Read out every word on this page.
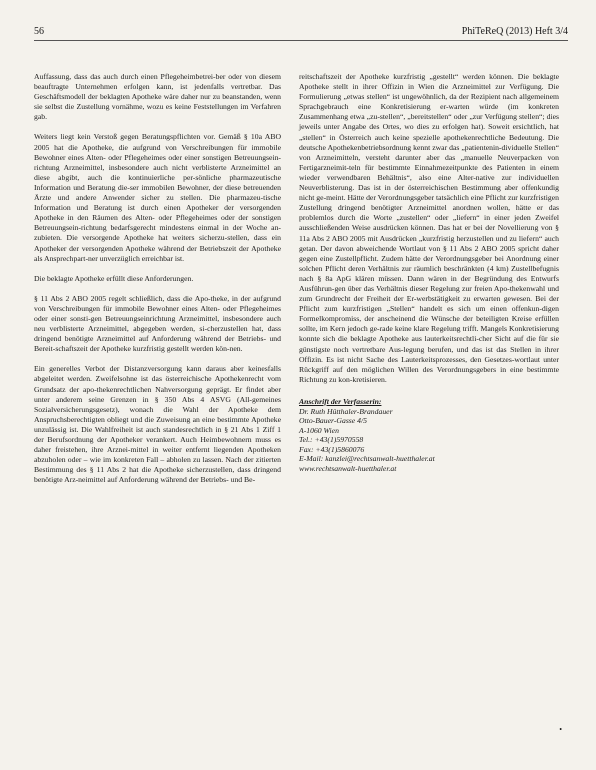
56	PhiTeReQ (2013) Heft 3/4

Auffassung, dass das auch durch einen Pflegeheimbetrei-ber oder von diesem beauftragte Unternehmen erfolgen kann, ist jedenfalls vertretbar. Das Geschäftsmodell der beklagten Apotheke wäre daher nur zu beanstanden, wenn sie selbst die Zustellung vornähme, wozu es keine Feststellungen im Verfahren gab.

Weiters liegt kein Verstoß gegen Beratungspflichten vor. Gemäß § 10a ABO 2005 hat die Apotheke, die aufgrund von Verschreibungen für immobile Bewohner eines Alten- oder Pflegeheimes oder einer sonstigen Betreuungsein-richtung Arzneimittel, insbesondere auch nicht verblisterte Arzneimittel an diese abgibt, auch die kontinuierliche per-sönliche pharmazeutische Information und Beratung die-ser immobilen Bewohner, der diese betreuenden Ärzte und andere Anwender sicher zu stellen. Die pharmazeu-tische Information und Beratung ist durch einen Apotheker der versorgenden Apotheke in den Räumen des Alten- oder Pflegeheimes oder der sonstigen Betreuungsein-richtung bedarfsgerecht mindestens einmal in der Woche an-zubieten. Die versorgende Apotheke hat weiters sicherzu-stellen, dass ein Apotheker der versorgenden Apotheke während der Betriebszeit der Apotheke als Ansprechpart-ner unverzüglich erreichbar ist.

Die beklagte Apotheke erfüllt diese Anforderungen.

§ 11 Abs 2 ABO 2005 regelt schließlich, dass die Apo-theke, in der aufgrund von Verschreibungen für immobile Bewohner eines Alten- oder Pflegeheimes oder einer sonsti-gen Betreuungseinrichtung Arzneimittel, insbesondere auch neu verblisterte Arzneimittel, abgegeben werden, si-cherzustellen hat, dass dringend benötigte Arzneimittel auf Anforderung während der Betriebs- und Bereit-schaftszeit der Apotheke kurzfristig gestellt werden kön-nen.

Ein generelles Verbot der Distanzversorgung kann daraus aber keinesfalls abgeleitet werden. Zweifelsohne ist das österreichische Apothekenrecht vom Grundsatz der apo-thekenrechtlichen Nahversorgung geprägt. Er findet aber unter anderem seine Grenzen in § 350 Abs 4 ASVG (All-gemeines Sozialversicherungsgesetz), wonach die Wahl der Apotheke dem Anspruchsberechtigten obliegt und die Zuweisung an eine bestimmte Apotheke unzulässig ist. Die Wahlfreiheit ist auch standesrechtlich in § 21 Abs 1 Ziff 1 der Berufsordnung der Apotheker verankert. Auch Heimbewohnern muss es daher freistehen, ihre Arznei-mittel in weiter entfernt liegenden Apotheken abzuholen oder – wie im konkreten Fall – abholen zu lassen. Nach der zitierten Bestimmung des § 11 Abs 2 hat die Apotheke sicherzustellen, dass dringend benötigte Arz-neimittel auf Anforderung während der Betriebs- und Be-

reitschaftszeit der Apotheke kurzfristig „gestellt“ werden können. Die beklagte Apotheke stellt in ihrer Offizin in Wien die Arzneimittel zur Verfügung. Die Formulierung „etwas stellen“ ist ungewöhnlich, da der Rezipient nach allgemeinem Sprachgebrauch eine Konkretisierung er-warten würde (im konkreten Zusammenhang etwa „zu-stellen“, „bereitstellen“ oder „zur Verfügung stellen“; dies jeweils unter Angabe des Ortes, wo dies zu erfolgen hat). Soweit ersichtlich, hat „stellen“ in Österreich auch keine spezielle apothekenrechtliche Bedeutung. Die deutsche Apothekenbetriebsordnung kennt zwar das „patientenin-dividuelle Stellen“ von Arzneimitteln, versteht darunter aber das „manuelle Neuverpacken von Fertigarzneimit-teln für bestimmte Einnahmezeitpunkte des Patienten in einem wieder verwendbaren Behältnis“, also eine Alter-native zur individuellen Neuverblisterung. Das ist in der österreichischen Bestimmung aber offenkundig nicht ge-meint. Hätte der Verordnungsgeber tatsächlich eine Pflicht zur kurzfristigen Zustellung dringend benötigter Arzneimittel anordnen wollen, hätte er das problemlos durch die Worte „zustellen“ oder „liefern“ in einer jeden Zweifel ausschließenden Weise ausdrücken können. Das hat er bei der Novellierung von § 11a Abs 2 ABO 2005 mit Ausdrücken „kurzfristig herzustellen und zu liefern“ auch getan. Der davon abweichende Wortlaut von § 11 Abs 2 ABO 2005 spricht daher gegen eine Zustellpflicht. Zudem hätte der Verordnungsgeber bei Anordnung einer solchen Pflicht deren Verhältnis zur räumlich beschränkten (4 km) Zustellbefugnis nach § 8a ApG klären müssen. Dann wären in der Begründung des Entwurfs Ausführun-gen über das Verhältnis dieser Regelung zur freien Apo-thekenwahl und zum Grundrecht der Freiheit der Er-werbstätigkeit zu erwarten gewesen. Bei der Pflicht zum kurzfristigen „Stellen“ handelt es sich um einen offenkun-digen Formelkompromiss, der anscheinend die Wünsche der beteiligten Kreise erfüllen sollte, im Kern jedoch ge-rade keine klare Regelung trifft. Mangels Konkretisierung konnte sich die beklagte Apotheke aus lauterkeitsrechtli-cher Sicht auf die für sie günstigste noch vertretbare Aus-legung berufen, und das ist das Stellen in ihrer Offizin. Es ist nicht Sache des Lauterkeitsprozesses, den Gesetzes-wortlaut unter Rückgriff auf den möglichen Willen des Verordnungsgebers in eine bestimmte Richtung zu kon-kretisieren.

Anschrift der Verfasserin:
Dr. Ruth Hütthaler-Brandauer
Otto-Bauer-Gasse 4/5
A-1060 Wien
Tel.: +43(1)5970558
Fax: +43(1)5860076
E-Mail: kanzlei@rechtsanwalt-huetthaler.at
www.rechtsanwalt-huetthaler.at
•
